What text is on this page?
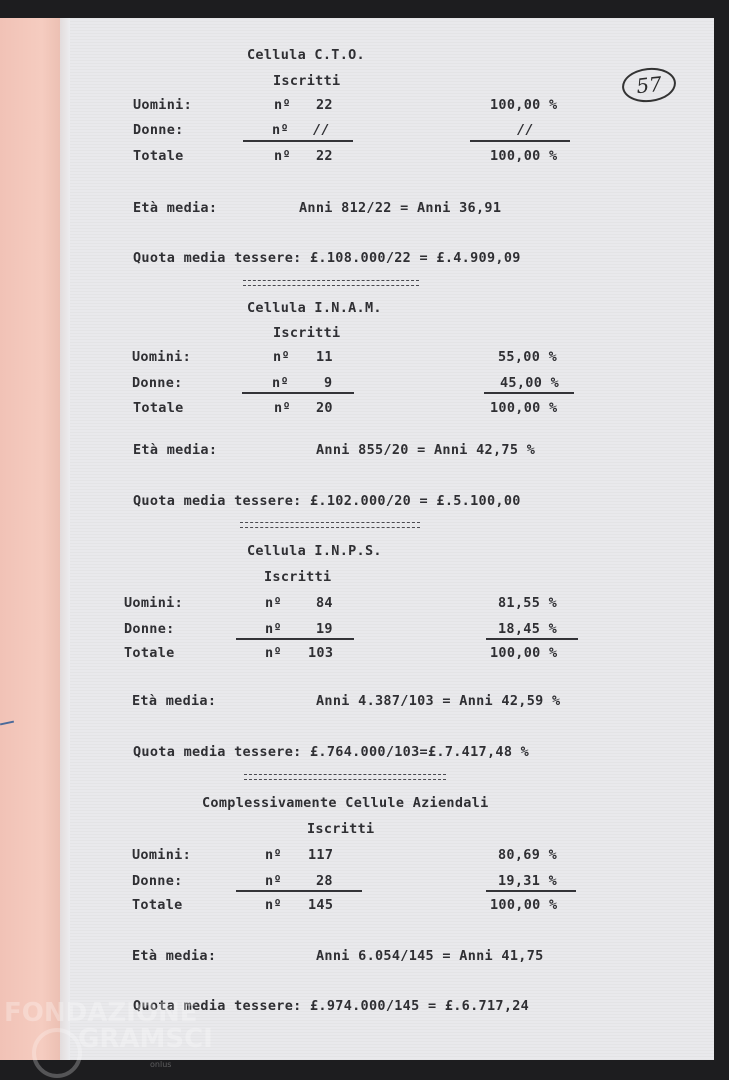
57
Cellula C.T.O.
Iscritti
Uomini:	nº 22	100,00 %
Donne:	nº //	//
Totale	nº 22	100,00 %
Età media:	Anni 812/22 = Anni 36,91
Quota media tessere: £.108.000/22 = £.4.909,09
Cellula I.N.A.M.
Iscritti
Uomini:	nº 11	55,00 %
Donne:	nº	9	45,00 %
Totale	nº 20	100,00 %
Età media:	Anni 855/20 = Anni 42,75 %
Quota media tessere: £.102.000/20 = £.5.100,00
Cellula I.N.P.S.
Iscritti
Uomini:	nº	84	81,55 %
Donne:	nº	19	18,45 %
Totale	nº 103	100,00 %
Età media:	Anni 4.387/103 = Anni 42,59 %
Quota media tessere: £.764.000/103=£.7.417,48 %
Complessivamente Cellule Aziendali
Iscritti
Uomini:	nº 117	80,69 %
Donne:	nº	28	19,31 %
Totale	nº 145	100,00 %
Età media:	Anni 6.054/145 = Anni 41,75
Quota media tessere: £.974.000/145 = £.6.717,24
FONDAZIONE
GRAMSCI
onlus
